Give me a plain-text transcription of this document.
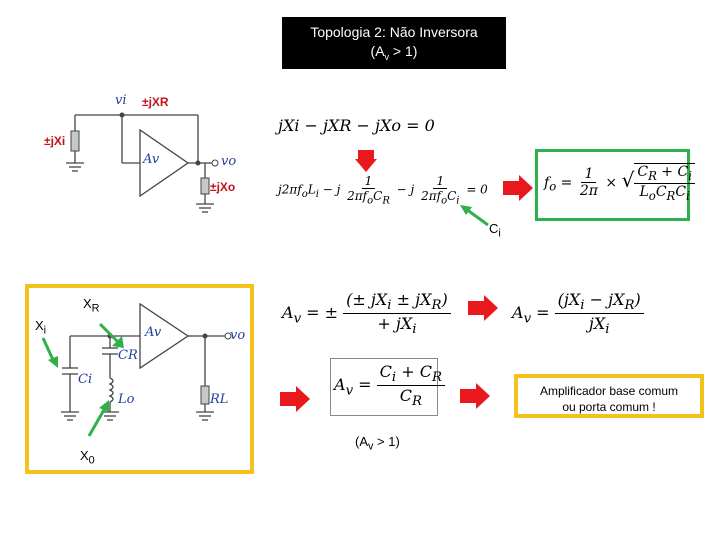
Topologia 2: Não Inversora
$(A_v > 1)$
vi ±jXR
±jXi
Av	vo
±jXo
jXi − jXR − jXo = 0
$j2\pi f_oL_i - j \frac{1}{2\pi f_oC_R} - j \frac{1}{2\pi f_oC_i} = 0$	$f_o = \frac{1}{2\pi}$ × √ $\frac{C_R + C_i}{L_oC_RC_i}$
$C_i$
$X_R$
$X_i$
$X_0$
Av	vo
CR
Ci
Lo	RL
$A_v$ = ± $\frac{(\pm jX_i \pm jX_R)}{+ jX_i}$	$A_v = \frac{(jX_i - jX_R)}{jX_i}$
$A_v = \frac{C_i + C_R}{C_R}$	Amplificador base comum
ou porta comum !
$(A_v > 1)$
